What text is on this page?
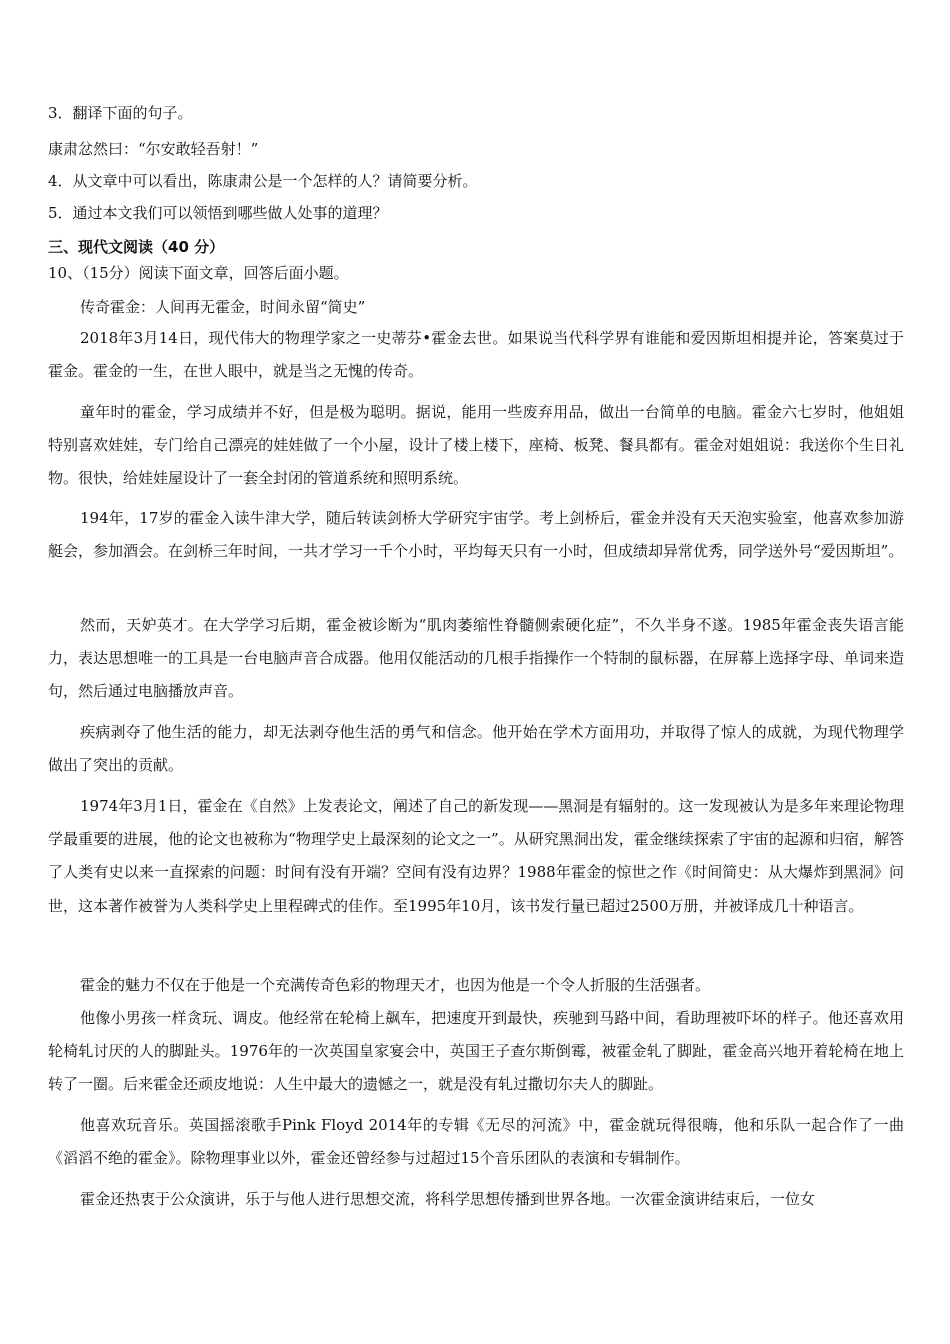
3．翻译下面的句子。
康肃忿然曰：“尔安敢轻吾射！”
4．从文章中可以看出，陈康肃公是一个怎样的人？请简要分析。
5．通过本文我们可以领悟到哪些做人处事的道理？
三、现代文阅读（40 分）
10、（15分）阅读下面文章，回答后面小题。
传奇霍金：人间再无霍金，时间永留“简史”
2018年3月14日，现代伟大的物理学家之一史蒂芬•霍金去世。如果说当代科学界有谁能和爱因斯坦相提并论，答案莫过于霍金。霍金的一生，在世人眼中，就是当之无愧的传奇。
童年时的霍金，学习成绩并不好，但是极为聪明。据说，能用一些废弃用品，做出一台简单的电脑。霍金六七岁时，他姐姐特别喜欢娃娃，专门给自己漂亮的娃娃做了一个小屋，设计了楼上楼下，座椅、板凳、餐具都有。霍金对姐姐说：我送你个生日礼物。很快，给娃娃屋设计了一套全封闭的管道系统和照明系统。
194年，17岁的霍金入读牛津大学，随后转读剑桥大学研究宇宙学。考上剑桥后，霍金并没有天天泡实验室，他喜欢参加游艇会，参加酒会。在剑桥三年时间，一共才学习一千个小时，平均每天只有一小时，但成绩却异常优秀，同学送外号“爱因斯坦”。
然而，天妒英才。在大学学习后期，霍金被诊断为“肌肉萎缩性脊髓侧索硬化症”，不久半身不遂。1985年霍金丧失语言能力，表达思想唯一的工具是一台电脑声音合成器。他用仅能活动的几根手指操作一个特制的鼠标器，在屏幕上选择字母、单词来造句，然后通过电脑播放声音。
疾病剥夺了他生活的能力，却无法剥夺他生活的勇气和信念。他开始在学术方面用功，并取得了惊人的成就，为现代物理学做出了突出的贡献。
1974年3月1日，霍金在《自然》上发表论文，阐述了自己的新发现——黑洞是有辐射的。这一发现被认为是多年来理论物理学最重要的进展，他的论文也被称为“物理学史上最深刻的论文之一”。从研究黑洞出发，霍金继续探索了宇宙的起源和归宿，解答了人类有史以来一直探索的问题：时间有没有开端？空间有没有边界？1988年霍金的惊世之作《时间简史：从大爆炸到黑洞》问世，这本著作被誉为人类科学史上里程碑式的佳作。至1995年10月，该书发行量已超过2500万册，并被译成几十种语言。
霍金的魅力不仅在于他是一个充满传奇色彩的物理天才，也因为他是一个令人折服的生活强者。
他像小男孩一样贪玩、调皮。他经常在轮椅上飙车，把速度开到最快，疾驰到马路中间，看助理被吓坏的样子。他还喜欢用轮椅轧讨厌的人的脚趾头。1976年的一次英国皇家宴会中，英国王子查尔斯倒霉，被霍金轧了脚趾，霍金高兴地开着轮椅在地上转了一圈。后来霍金还顽皮地说：人生中最大的遗憾之一，就是没有轧过撒切尔夫人的脚趾。
他喜欢玩音乐。英国摇滚歌手Pink Floyd 2014年的专辑《无尽的河流》中，霍金就玩得很嗨，他和乐队一起合作了一曲《滔滔不绝的霍金》。除物理事业以外，霍金还曾经参与过超过15个音乐团队的表演和专辑制作。
霍金还热衷于公众演讲，乐于与他人进行思想交流，将科学思想传播到世界各地。一次霍金演讲结束后，一位女
